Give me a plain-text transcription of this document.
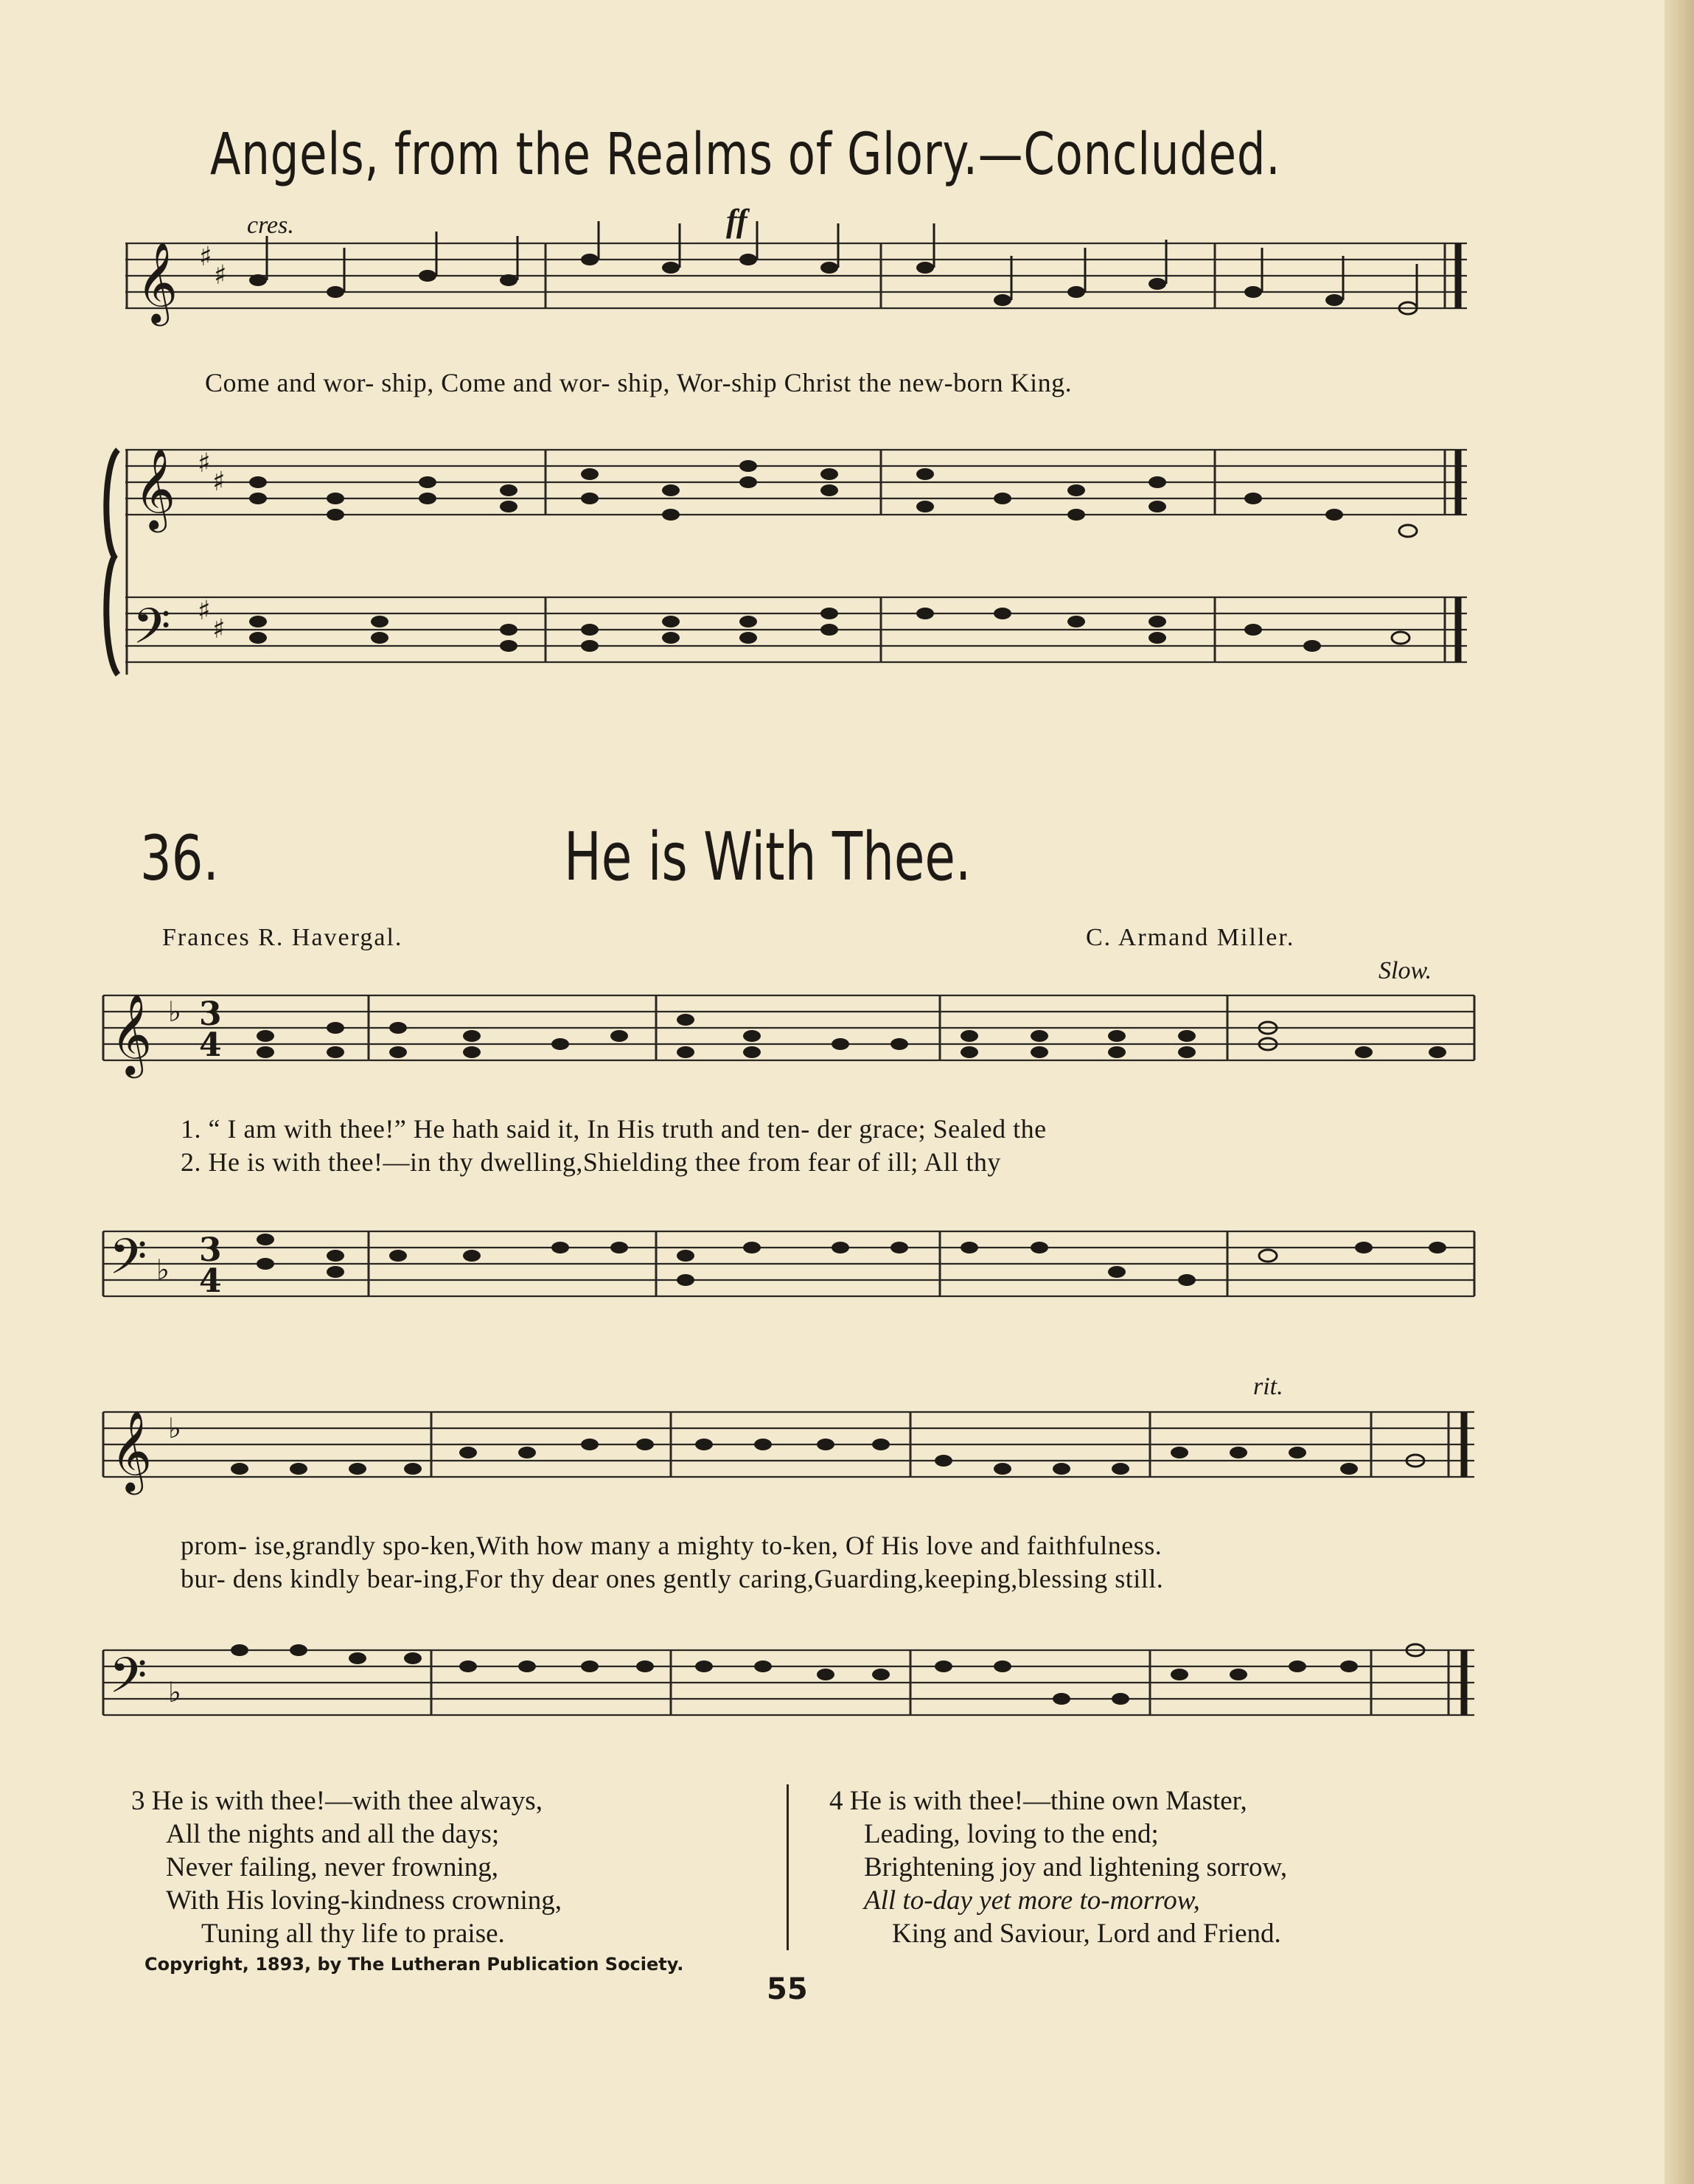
Angels, from the Realms of Glory.—Concluded.
cres.	ff
𝄞 ♯
♯
Come and wor- ship, Come and wor- ship, Wor-ship Christ the new-born King.
𝄞 ♯
♯
𝄢 ♯
♯
36.	He is With Thee.
Frances R. Havergal.	C. Armand Miller.
Slow.
𝄞 ♭ 3
4
1. “ I am with thee!” He hath said it, In His truth and ten- der grace; Sealed the
2. He is with thee!—in thy dwelling,Shielding thee from fear of ill; All thy
𝄢 ♭
3
4
rit.
𝄞 ♭
prom- ise,grandly spo-ken,With how many a mighty to-ken, Of His love and faithfulness.
bur- dens kindly bear-ing,For thy dear ones gently caring,Guarding,keeping,blessing still.
𝄢 ♭
3 He is with thee!—with thee always,
All the nights and all the days;
Never failing, never frowning,
With His loving-kindness crowning,
Tuning all thy life to praise.
4 He is with thee!—thine own Master,
Leading, loving to the end;
Brightening joy and lightening sorrow,
All to-day yet more to-morrow,
King and Saviour, Lord and Friend.
Copyright, 1893, by The Lutheran Publication Society.
55
